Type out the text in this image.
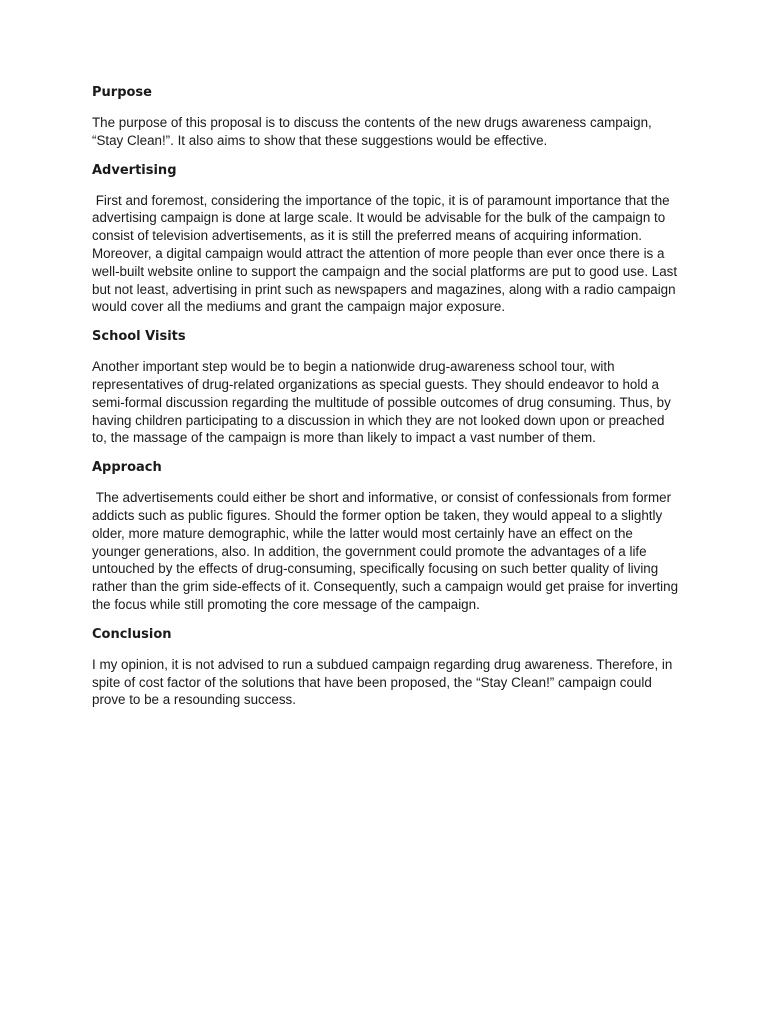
Purpose
The purpose of this proposal is to discuss the contents of the new drugs awareness campaign, “Stay Clean!”. It also aims to show that these suggestions would be effective.
Advertising
First and foremost, considering the importance of the topic, it is of paramount importance that the advertising campaign is done at large scale. It would be advisable for the bulk of the campaign to consist of television advertisements, as it is still the preferred means of acquiring information. Moreover, a digital campaign would attract the attention of more people than ever once there is a well-built website online to support the campaign and the social platforms are put to good use. Last but not least, advertising in print such as newspapers and magazines, along with a radio campaign would cover all the mediums and grant the campaign major exposure.
School Visits
Another important step would be to begin a nationwide drug-awareness school tour, with representatives of drug-related organizations as special guests. They should endeavor to hold a semi-formal discussion regarding the multitude of possible outcomes of drug consuming. Thus, by having children participating to a discussion in which they are not looked down upon or preached to, the massage of the campaign is more than likely to impact a vast number of them.
Approach
The advertisements could either be short and informative, or consist of confessionals from former addicts such as public figures. Should the former option be taken, they would appeal to a slightly older, more mature demographic, while the latter would most certainly have an effect on the younger generations, also. In addition, the government could promote the advantages of a life untouched by the effects of drug-consuming, specifically focusing on such better quality of living rather than the grim side-effects of it. Consequently, such a campaign would get praise for inverting the focus while still promoting the core message of the campaign.
Conclusion
I my opinion, it is not advised to run a subdued campaign regarding drug awareness. Therefore, in spite of cost factor of the solutions that have been proposed, the “Stay Clean!” campaign could prove to be a resounding success.
